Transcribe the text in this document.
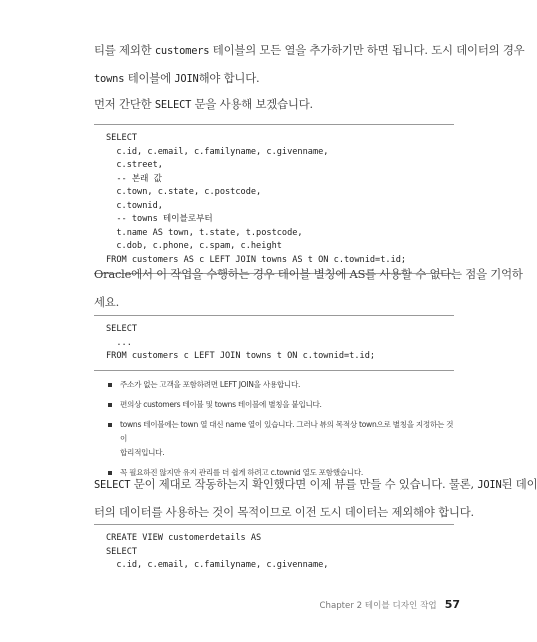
티를 제외한 customers 테이블의 모든 열을 추가하기만 하면 됩니다. 도시 데이터의 경우
towns 테이블에 JOIN해야 합니다.
먼저 간단한 SELECT 문을 사용해 보겠습니다.
SELECT
c.id, c.email, c.familyname, c.givenname,
c.street,
-- 본래 값
c.town, c.state, c.postcode,
c.townid,
-- towns 테이블로부터
t.name AS town, t.state, t.postcode,
c.dob, c.phone, c.spam, c.height
FROM customers AS c LEFT JOIN towns AS t ON c.townid=t.id;
Oracle에서 이 작업을 수행하는 경우 테이블 별칭에 AS를 사용할 수 없다는 점을 기억하
세요.
SELECT
...
FROM customers c LEFT JOIN towns t ON c.townid=t.id;
주소가 없는 고객을 포함하려면 LEFT JOIN을 사용합니다.
편의상 customers 테이블 및 towns 테이블에 별칭을 붙입니다.
towns 테이블에는 town 열 대신 name 열이 있습니다. 그러나 뷰의 목적상 town으로 별칭을 지정하는 것이
합리적입니다.
꼭 필요하진 않지만 유지 관리를 더 쉽게 하려고 c.townid 열도 포함했습니다.
SELECT 문이 제대로 작동하는지 확인했다면 이제 뷰를 만들 수 있습니다. 물론, JOIN된 데이
터의 데이터를 사용하는 것이 목적이므로 이전 도시 데이터는 제외해야 합니다.
CREATE VIEW customerdetails AS
SELECT
c.id, c.email, c.familyname, c.givenname,
Chapter 2 테이블 디자인 작업 57
